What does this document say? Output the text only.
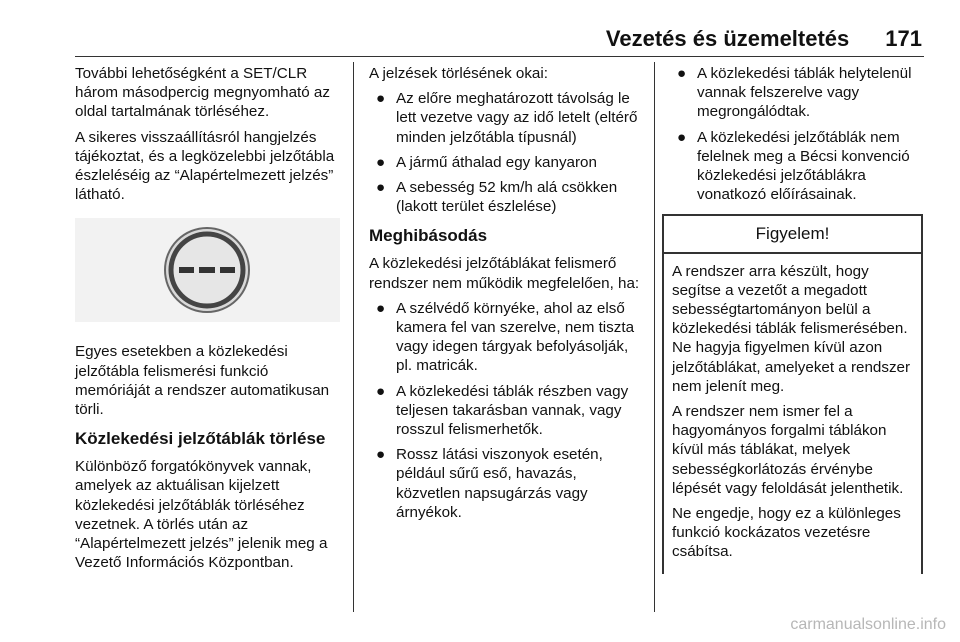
Vezetés és üzemeltetés 171

További lehetőségként a SET/CLR három másodpercig megnyomható az oldal tartalmának törléséhez.

A sikeres visszaállításról hangjelzés tájékoztat, és a legközelebbi jelzőtábla észleléséig az “Alapértelmezett jelzés” látható.

Egyes esetekben a közlekedési jelzőtábla felismerési funkció memóriáját a rendszer automatikusan törli.

Közlekedési jelzőtáblák törlése

Különböző forgatókönyvek vannak, amelyek az aktuálisan kijelzett közlekedési jelzőtáblák törléséhez vezetnek. A törlés után az “Alapértelmezett jelzés” jelenik meg a Vezető Információs Központban.

A jelzések törlésének okai:

● Az előre meghatározott távolság le lett vezetve vagy az idő letelt (eltérő minden jelzőtábla típusnál)
● A jármű áthalad egy kanyaron
● A sebesség 52 km/h alá csökken (lakott terület észlelése)
Meghibásodás

A közlekedési jelzőtáblákat felismerő rendszer nem működik megfelelően, ha:

● A szélvédő környéke, ahol az első kamera fel van szerelve, nem tiszta vagy idegen tárgyak befolyásolják, pl. matricák.
● A közlekedési táblák részben vagy teljesen takarásban vannak, vagy rosszul felismerhetők.
● Rossz látási viszonyok esetén, például sűrű eső, havazás, közvetlen napsugárzás vagy árnyékok.
● A közlekedési táblák helytelenül vannak felszerelve vagy megrongálódtak.
● A közlekedési jelzőtáblák nem felelnek meg a Bécsi konvenció közlekedési jelzőtáblákra vonatkozó előírásainak.
Figyelem!

A rendszer arra készült, hogy segítse a vezetőt a megadott sebességtartományon belül a közlekedési táblák felismerésében. Ne hagyja figyelmen kívül azon jelzőtáblákat, amelyeket a rendszer nem jelenít meg.

A rendszer nem ismer fel a hagyományos forgalmi táblákon kívül más táblákat, melyek sebességkorlátozás érvénybe lépését vagy feloldását jelenthetik.

Ne engedje, hogy ez a különleges funkció kockázatos vezetésre csábítsa.

carmanualsonline.info
